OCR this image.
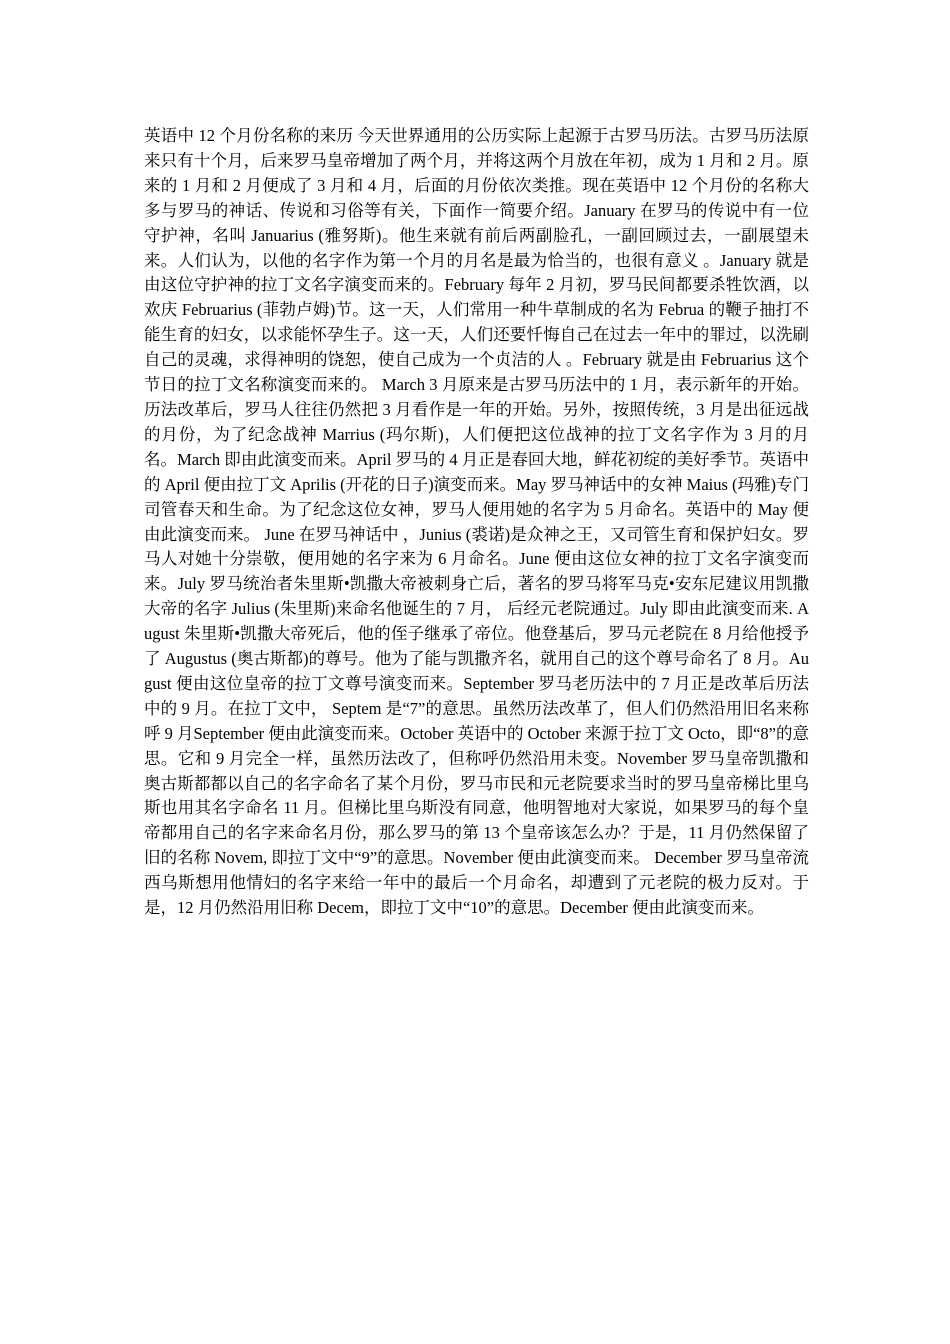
英语中 12 个月份名称的来历 今天世界通用的公历实际上起源于古罗马历法。古罗马历法原来只有十个月，后来罗马皇帝增加了两个月，并将这两个月放在年初，成为 1 月和 2 月。原来的 1 月和 2 月便成了 3 月和 4 月，后面的月份依次类推。现在英语中 12 个月份的名称大多与罗马的神话、传说和习俗等有关，下面作一简要介绍。January 在罗马的传说中有一位守护神，名叫 Januarius (雅努斯)。他生来就有前后两副脸孔，一副回顾过去，一副展望未来。人们认为，以他的名字作为第一个月的月名是最为恰当的，也很有意义 。January 就是由这位守护神的拉丁文名字演变而来的。February 每年 2 月初，罗马民间都要杀牲饮酒，以欢庆 Februarius (菲勃卢姆)节。这一天，人们常用一种牛草制成的名为 Februa 的鞭子抽打不能生育的妇女，以求能怀孕生子。这一天，人们还要忏悔自己在过去一年中的罪过，以洗刷自己的灵魂，求得神明的饶恕，使自己成为一个贞洁的人 。February 就是由 Februarius 这个节日的拉丁文名称演变而来的。 March 3 月原来是古罗马历法中的 1 月，表示新年的开始。历法改革后，罗马人往往仍然把 3 月看作是一年的开始。另外，按照传统，3 月是出征远战的月份，为了纪念战神 Marrius (玛尔斯)，人们便把这位战神的拉丁文名字作为 3 月的月名。March 即由此演变而来。April 罗马的 4 月正是春回大地，鲜花初绽的美好季节。英语中的 April 便由拉丁文 Aprilis (开花的日子)演变而来。May 罗马神话中的女神 Maius (玛雅)专门司管春天和生命。为了纪念这位女神，罗马人便用她的名字为 5 月命名。英语中的 May 便由此演变而来。 June 在罗马神话中 ，Junius (裘诺)是众神之王，又司管生育和保护妇女。罗马人对她十分崇敬，便用她的名字来为 6 月命名。June 便由这位女神的拉丁文名字演变而来。July 罗马统治者朱里斯•凯撒大帝被刺身亡后，著名的罗马将军马克•安东尼建议用凯撒大帝的名字 Julius (朱里斯)来命名他诞生的 7 月， 后经元老院通过。July 即由此演变而来. August 朱里斯•凯撒大帝死后，他的侄子继承了帝位。他登基后，罗马元老院在 8 月给他授予了 Augustus (奥古斯都)的尊号。他为了能与凯撒齐名，就用自己的这个尊号命名了 8 月。August 便由这位皇帝的拉丁文尊号演变而来。September 罗马老历法中的 7 月正是改革后历法中的 9 月。在拉丁文中， Septem 是“7”的意思。虽然历法改革了，但人们仍然沿用旧名来称呼 9 月September 便由此演变而来。October 英语中的 October 来源于拉丁文 Octo，即“8”的意思。它和 9 月完全一样，虽然历法改了，但称呼仍然沿用未变。November 罗马皇帝凯撒和奥古斯都都以自己的名字命名了某个月份，罗马市民和元老院要求当时的罗马皇帝梯比里乌斯也用其名字命名 11 月。但梯比里乌斯没有同意，他明智地对大家说，如果罗马的每个皇帝都用自己的名字来命名月份，那么罗马的第 13 个皇帝该怎么办？于是，11 月仍然保留了旧的名称 Novem, 即拉丁文中“9”的意思。November 便由此演变而来。 December 罗马皇帝流西乌斯想用他情妇的名字来给一年中的最后一个月命名，却遭到了元老院的极力反对。于是，12 月仍然沿用旧称 Decem，即拉丁文中“10”的意思。December 便由此演变而来。
